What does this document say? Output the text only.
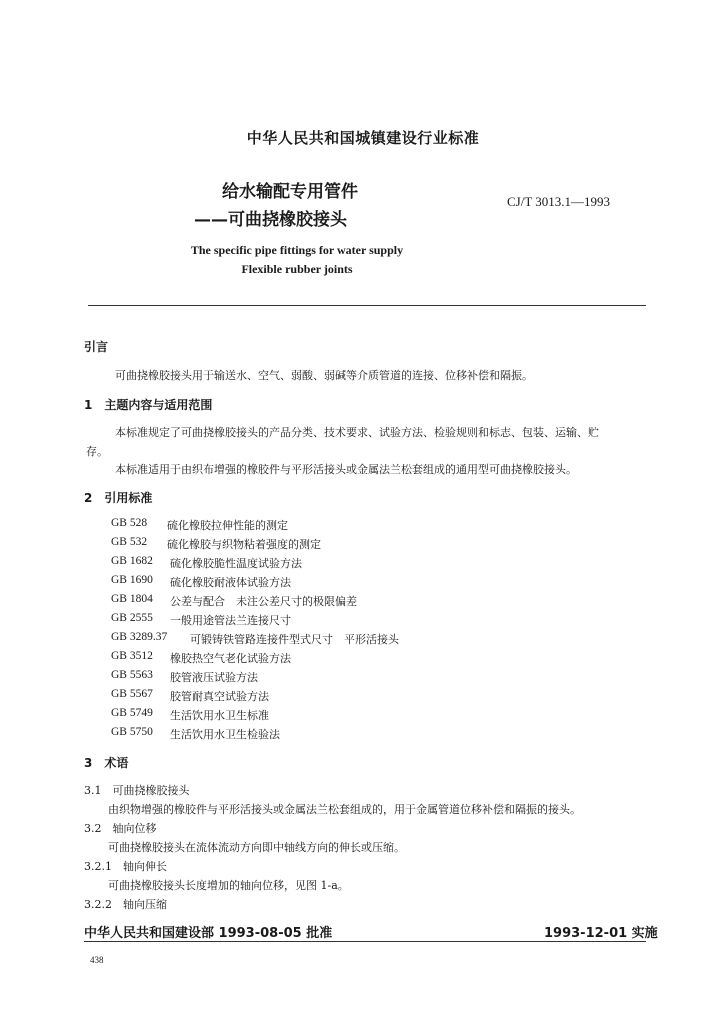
中华人民共和国城镇建设行业标准
给水输配专用管件
——可曲挠橡胶接头
CJ/T 3013.1—1993
The specific pipe fittings for water supply
Flexible rubber joints
引言
可曲挠橡胶接头用于输送水、空气、弱酸、弱碱等介质管道的连接、位移补偿和隔振。
1　主题内容与适用范围
本标准规定了可曲挠橡胶接头的产品分类、技术要求、试验方法、检验规则和标志、包装、运输、贮
存。
本标准适用于由织布增强的橡胶件与平形活接头或金属法兰松套组成的通用型可曲挠橡胶接头。
2　引用标准
GB 528 硫化橡胶拉伸性能的测定
GB 532 硫化橡胶与织物粘着强度的测定
GB 1682 硫化橡胶脆性温度试验方法
GB 1690 硫化橡胶耐液体试验方法
GB 1804 公差与配合　未注公差尺寸的极限偏差
GB 2555 一般用途管法兰连接尺寸
GB 3289.37 可锻铸铁管路连接件型式尺寸　平形活接头
GB 3512 橡胶热空气老化试验方法
GB 5563 胶管液压试验方法
GB 5567 胶管耐真空试验方法
GB 5749 生活饮用水卫生标准
GB 5750 生活饮用水卫生检验法
3　术语
3.1　可曲挠橡胶接头
由织物增强的橡胶件与平形活接头或金属法兰松套组成的，用于金属管道位移补偿和隔振的接头。
3.2　轴向位移
可曲挠橡胶接头在流体流动方向即中轴线方向的伸长或压缩。
3.2.1　轴向伸长
可曲挠橡胶接头长度增加的轴向位移，见图 1-a。
3.2.2　轴向压缩
中华人民共和国建设部 1993-08-05 批准	1993-12-01 实施
438
